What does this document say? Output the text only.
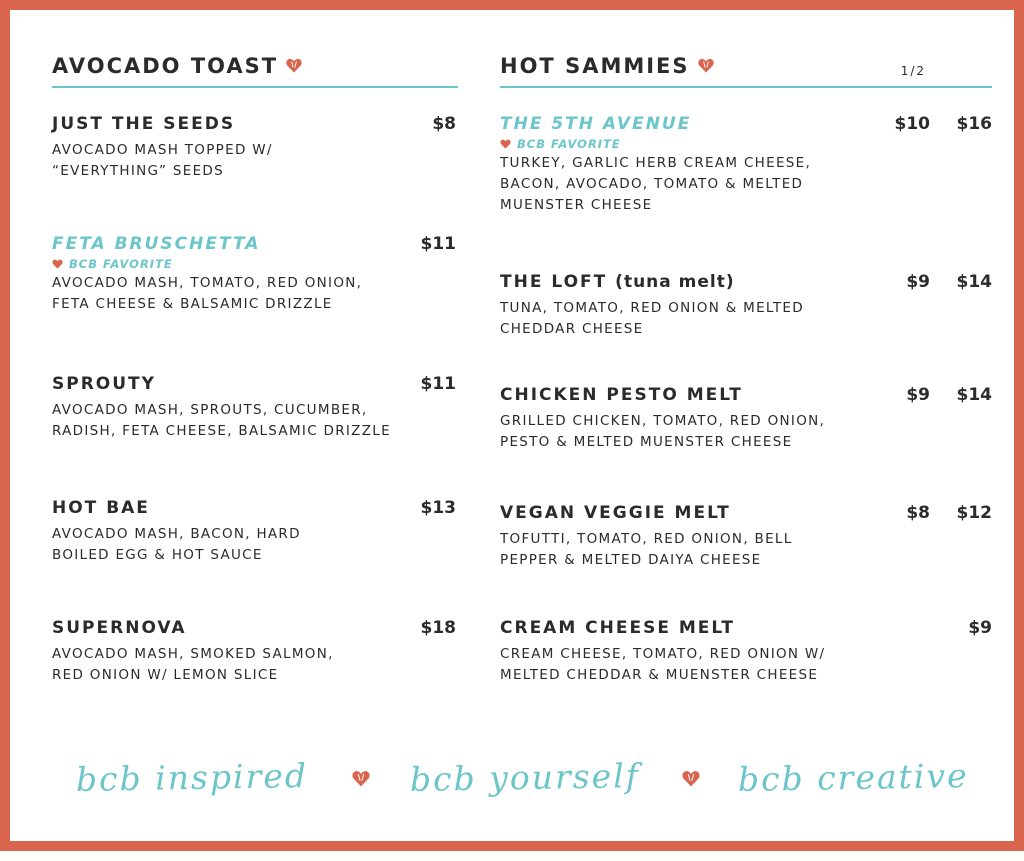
AVOCADO TOAST
JUST THE SEEDS	$8
AVOCADO MASH TOPPED W/
“EVERYTHING” SEEDS
FETA BRUSCHETTA	$11
BCB FAVORITE
AVOCADO MASH, TOMATO, RED ONION,
FETA CHEESE & BALSAMIC DRIZZLE
SPROUTY	$11
AVOCADO MASH, SPROUTS, CUCUMBER,
RADISH, FETA CHEESE, BALSAMIC DRIZZLE
HOT BAE	$13
AVOCADO MASH, BACON, HARD
BOILED EGG & HOT SAUCE
SUPERNOVA	$18
AVOCADO MASH, SMOKED SALMON,
RED ONION W/ LEMON SLICE
HOT SAMMIES	1/2
THE 5TH AVENUE	$10 $16
BCB FAVORITE
TURKEY, GARLIC HERB CREAM CHEESE,
BACON, AVOCADO, TOMATO & MELTED
MUENSTER CHEESE
THE LOFT (tuna melt)	$9 $14
TUNA, TOMATO, RED ONION & MELTED
CHEDDAR CHEESE
CHICKEN PESTO MELT	$9 $14
GRILLED CHICKEN, TOMATO, RED ONION,
PESTO & MELTED MUENSTER CHEESE
VEGAN VEGGIE MELT	$8 $12
TOFUTTI, TOMATO, RED ONION, BELL
PEPPER & MELTED DAIYA CHEESE
CREAM CHEESE MELT	$9
CREAM CHEESE, TOMATO, RED ONION W/
MELTED CHEDDAR & MUENSTER CHEESE
bcb inspired	bcb yourself	bcb creative
